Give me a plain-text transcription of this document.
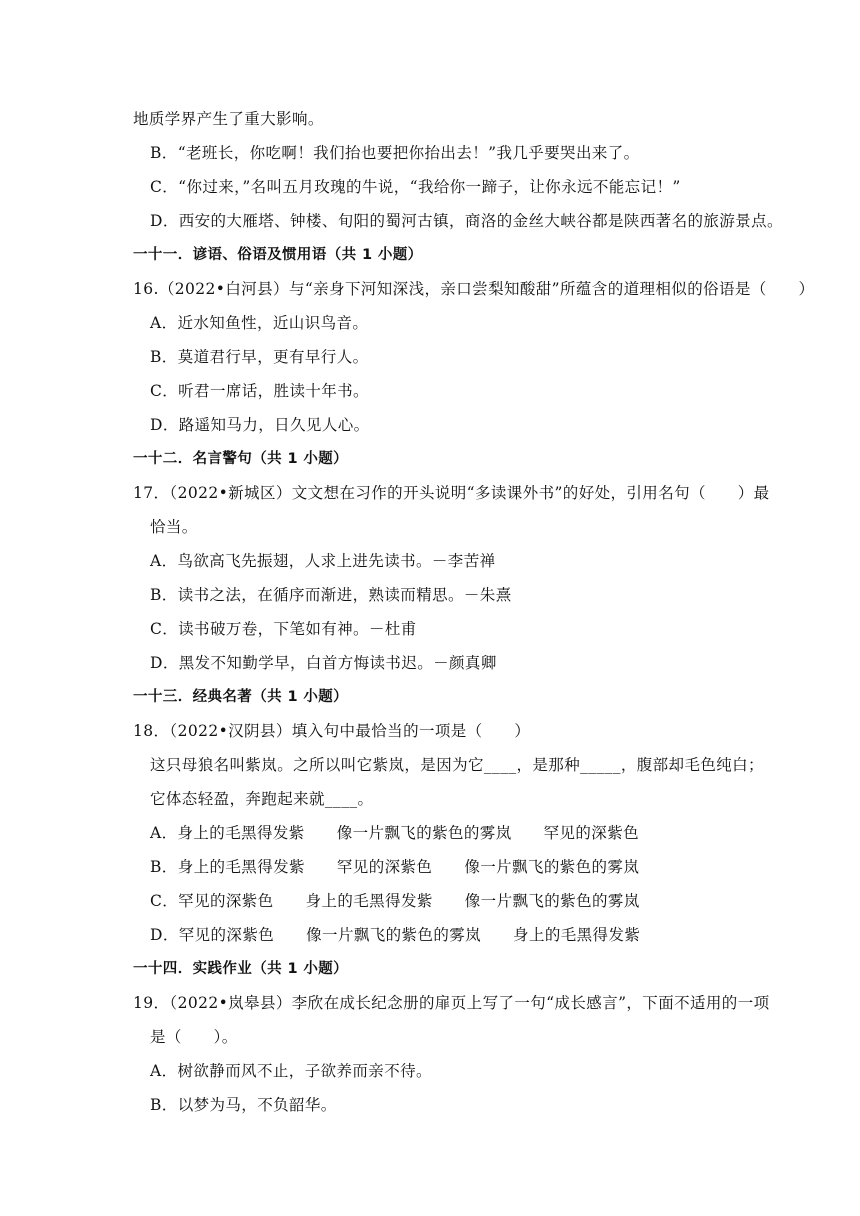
地质学界产生了重大影响。
B．“老班长，你吃啊！我们抬也要把你抬出去！”我几乎要哭出来了。
C．“你过来，”名叫五月玫瑰的牛说，“我给你一蹄子，让你永远不能忘记！”
D．西安的大雁塔、钟楼、旬阳的蜀河古镇，商洛的金丝大峡谷都是陕西著名的旅游景点。
一十一．谚语、俗语及惯用语（共 1 小题）
16.（2022•白河县）与“亲身下河知深浅，亲口尝梨知酸甜”所蕴含的道理相似的俗语是（　　）
A．近水知鱼性，近山识鸟音。
B．莫道君行早，更有早行人。
C．听君一席话，胜读十年书。
D．路遥知马力，日久见人心。
一十二．名言警句（共 1 小题）
17．（2022•新城区）文文想在习作的开头说明“多读课外书”的好处，引用名句（　　）最
恰当。
A．鸟欲高飞先振翅，人求上进先读书。－李苦禅
B．读书之法，在循序而渐进，熟读而精思。－朱熹
C．读书破万卷，下笔如有神。－杜甫
D．黑发不知勤学早，白首方悔读书迟。－颜真卿
一十三．经典名著（共 1 小题）
18．（2022•汉阴县）填入句中最恰当的一项是（　　）
这只母狼名叫紫岚。之所以叫它紫岚，是因为它____，是那种_____，腹部却毛色纯白；
它体态轻盈，奔跑起来就____。
A．身上的毛黑得发紫 像一片飘飞的紫色的雾岚 罕见的深紫色
B．身上的毛黑得发紫 罕见的深紫色 像一片飘飞的紫色的雾岚
C．罕见的深紫色 身上的毛黑得发紫 像一片飘飞的紫色的雾岚
D．罕见的深紫色 像一片飘飞的紫色的雾岚 身上的毛黑得发紫
一十四．实践作业（共 1 小题）
19．（2022•岚皋县）李欣在成长纪念册的扉页上写了一句“成长感言”，下面不适用的一项
是（　　）。
A．树欲静而风不止，子欲养而亲不待。
B．以梦为马，不负韶华。
